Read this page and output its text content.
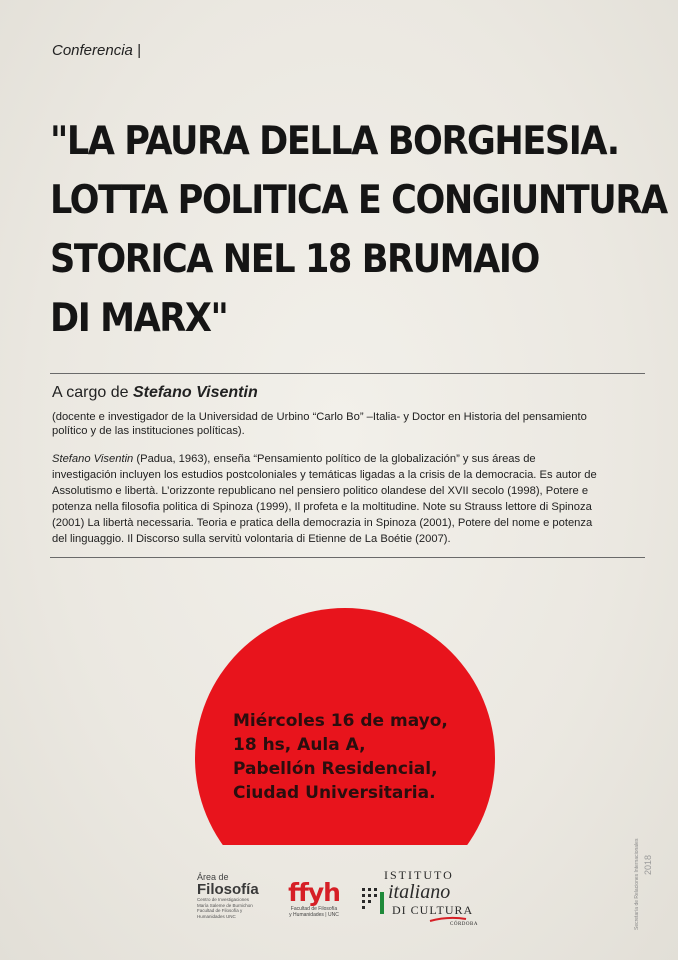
Conferencia |
"LA PAURA DELLA BORGHESIA.
LOTTA POLITICA E CONGIUNTURA
STORICA NEL 18 BRUMAIO
DI MARX"
A cargo de Stefano Visentin
(docente e investigador de la Universidad de Urbino “Carlo Bo” –Italia- y Doctor en Historia del pensamiento político y de las instituciones políticas).
Stefano Visentin (Padua, 1963), enseña “Pensamiento político de la globalización” y sus áreas de investigación incluyen los estudios postcoloniales y temáticas ligadas a la crisis de la democracia. Es autor de Assolutismo e libertà. L’orizzonte republicano nel pensiero politico olandese del XVII secolo (1998), Potere e potenza nella filosofia politica di Spinoza (1999), Il profeta e la moltitudine. Note su Strauss lettore di Spinoza (2001) La libertà necessaria. Teoria e pratica della democrazia in Spinoza (2001), Potere del nome e potenza del linguaggio. Il Discorso sulla servitù volontaria di Etienne de La Boétie (2007).
Miércoles 16 de mayo,
18 hs, Aula A,
Pabellón Residencial,
Ciudad Universitaria.
Área de
Filosofía
Centro de Investigaciones
María Saleme de Burnichon
Facultad de Filosofía y Humanidades UNC
ffyh
Facultad de Filosofía
y Humanidades | UNC
ISTITUTO
italiano
DI CULTURA
CÓRDOBA
2018
Secretaría de Relaciones Internacionales
